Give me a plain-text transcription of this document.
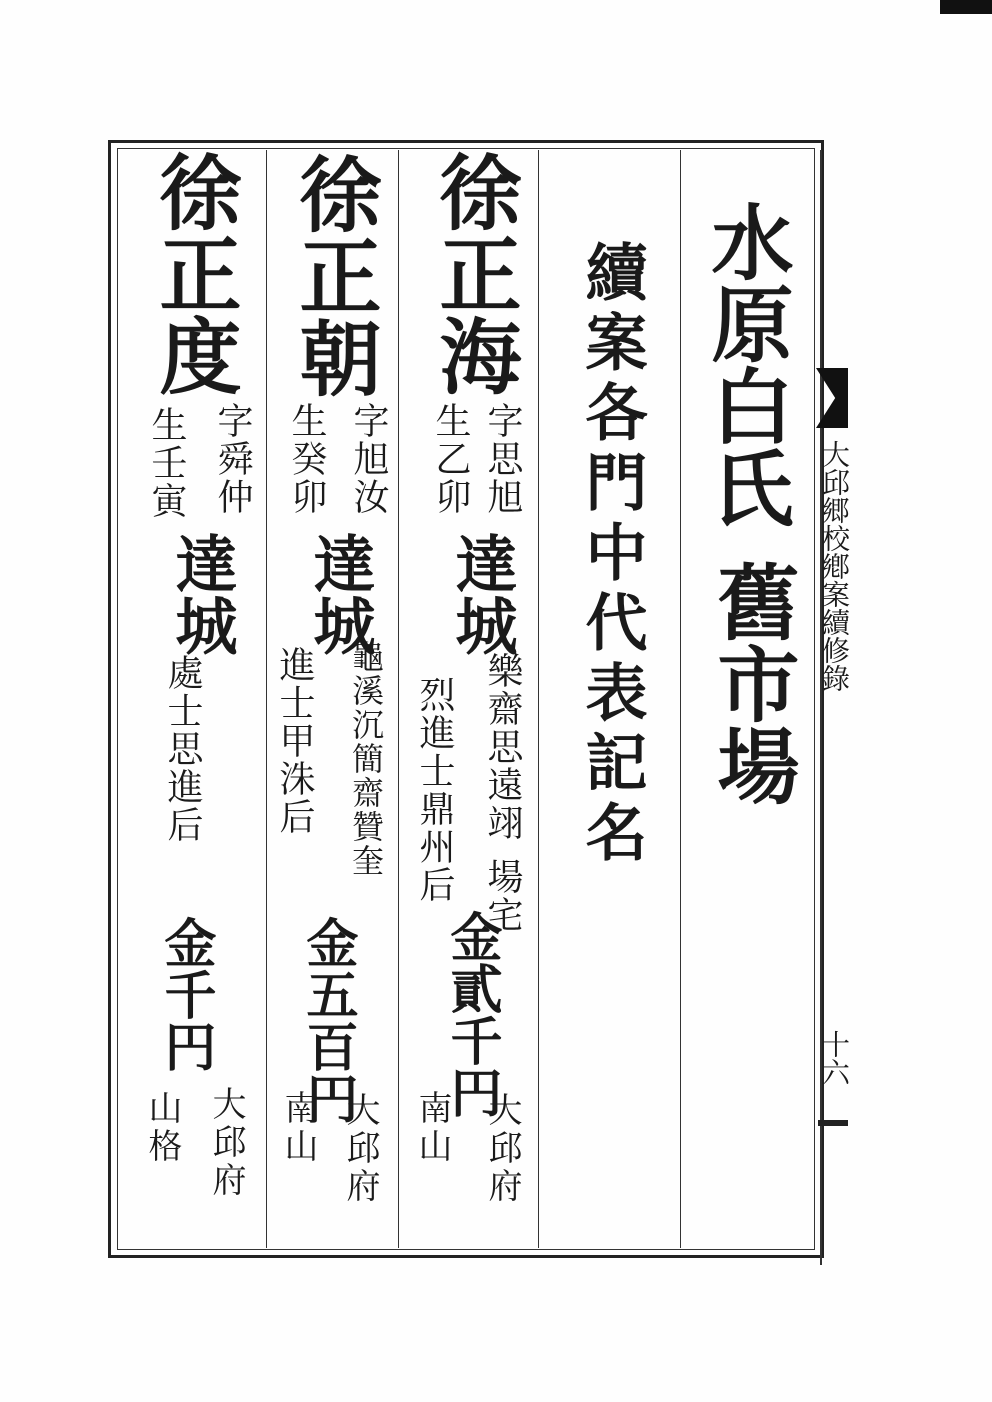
水原白氏
舊市場
續案各門中代表記名
徐正海
字思旭
生乙卯
達城
樂齋思遠翊
烈進士鼎州后 場宅
金貳千円
大邱府
南山
徐正朝
字旭汝
生癸卯
達城
龜溪沉簡齋贊奎
進士甲洙后
金五百円
大邱府
南山
徐正度
字舜仲
生壬寅
達城
處士思進后
金千円
大邱府
山格
大邱郷校鄕案續修錄
十六
